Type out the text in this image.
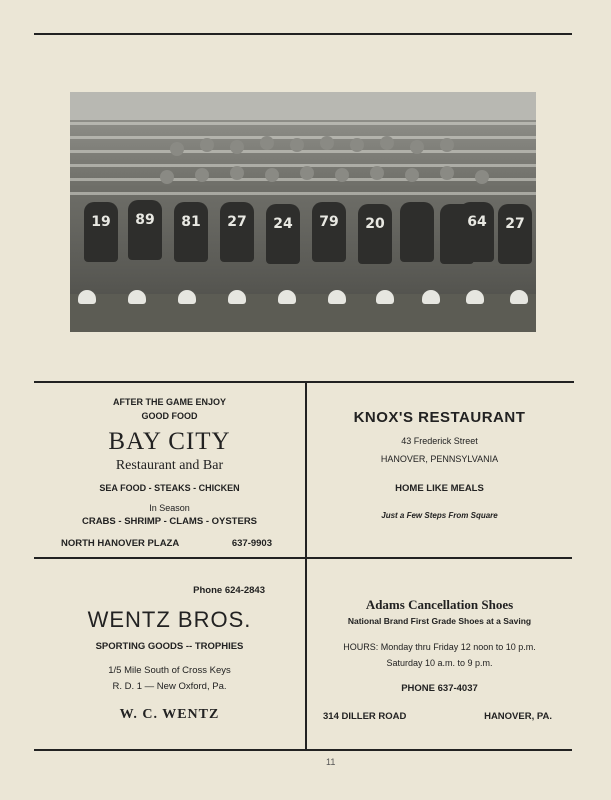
19	89	81	27	24	79	20	64	27
AFTER THE GAME ENJOY
GOOD FOOD
BAY CITY
Restaurant and Bar
SEA FOOD - STEAKS - CHICKEN
In Season
CRABS - SHRIMP - CLAMS - OYSTERS
NORTH HANOVER PLAZA	637-9903
KNOX'S RESTAURANT
43 Frederick Street
HANOVER, PENNSYLVANIA
HOME LIKE MEALS
Just a Few Steps From Square
Phone 624-2843
WENTZ BROS.
SPORTING GOODS -- TROPHIES
1/5 Mile South of Cross Keys
R. D. 1 — New Oxford, Pa.
W. C. WENTZ
Adams Cancellation Shoes
National Brand First Grade Shoes at a Saving
HOURS: Monday thru Friday 12 noon to 10 p.m.
Saturday 10 a.m. to 9 p.m.
PHONE 637-4037
314 DILLER ROAD	HANOVER, PA.
11
